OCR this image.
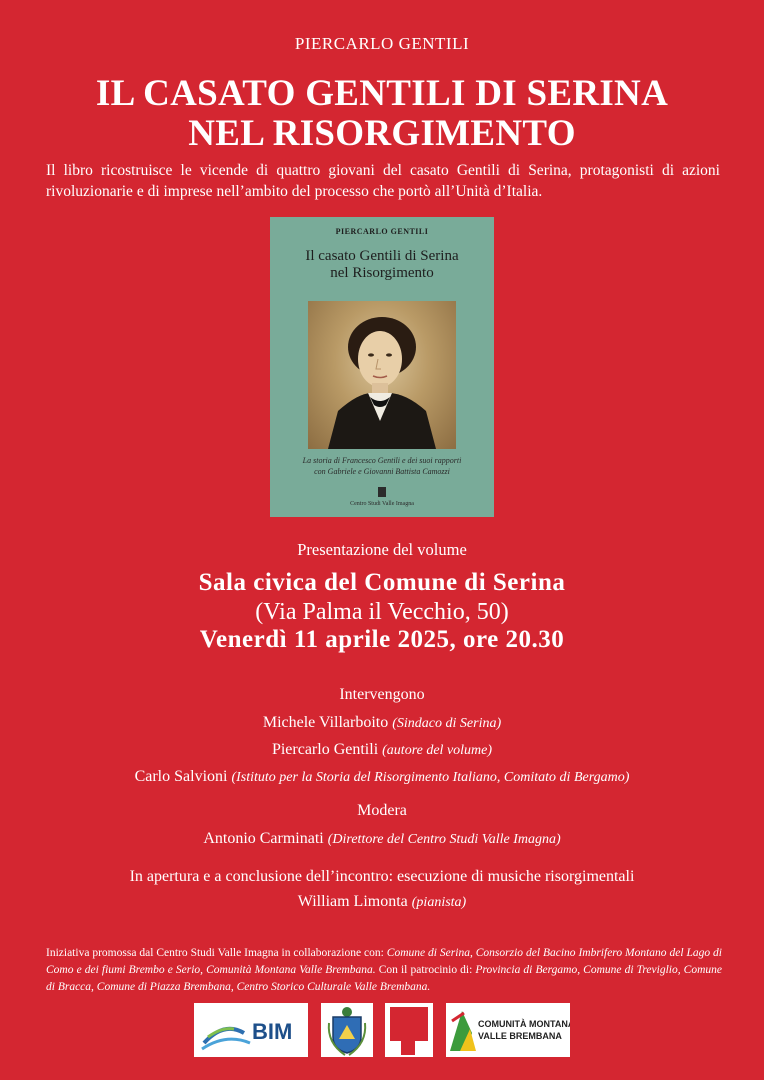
PIERCARLO GENTILI
IL CASATO GENTILI DI SERINA
NEL RISORGIMENTO
Il libro ricostruisce le vicende di quattro giovani del casato Gentili di Serina, protagonisti di azioni rivoluzionarie e di imprese nell’ambito del processo che portò all’Unità d’Italia.
PIERCARLO GENTILI
Il casato Gentili di Serina
nel Risorgimento
La storia di Francesco Gentili e dei suoi rapporti
con Gabriele e Giovanni Battista Camozzi
Centro Studi Valle Imagna
Presentazione del volume
Sala civica del Comune di Serina
(Via Palma il Vecchio, 50)
Venerdì 11 aprile 2025, ore 20.30
Intervengono
Michele Villarboito (Sindaco di Serina)
Piercarlo Gentili (autore del volume)
Carlo Salvioni (Istituto per la Storia del Risorgimento Italiano, Comitato di Bergamo)
Modera
Antonio Carminati (Direttore del Centro Studi Valle Imagna)
In apertura e a conclusione dell’incontro: esecuzione di musiche risorgimentali
William Limonta (pianista)
Iniziativa promossa dal Centro Studi Valle Imagna in collaborazione con: Comune di Serina, Consorzio del Bacino Imbrifero Montano del Lago di Como e dei fiumi Brembo e Serio, Comunità Montana Valle Brembana. Con il patrocinio di: Provincia di Bergamo, Comune di Treviglio, Comune di Bracca, Comune di Piazza Brembana, Centro Storico Culturale Valle Brembana.
BIM	COMUNITÀ MONTANA
VALLE BREMBANA
